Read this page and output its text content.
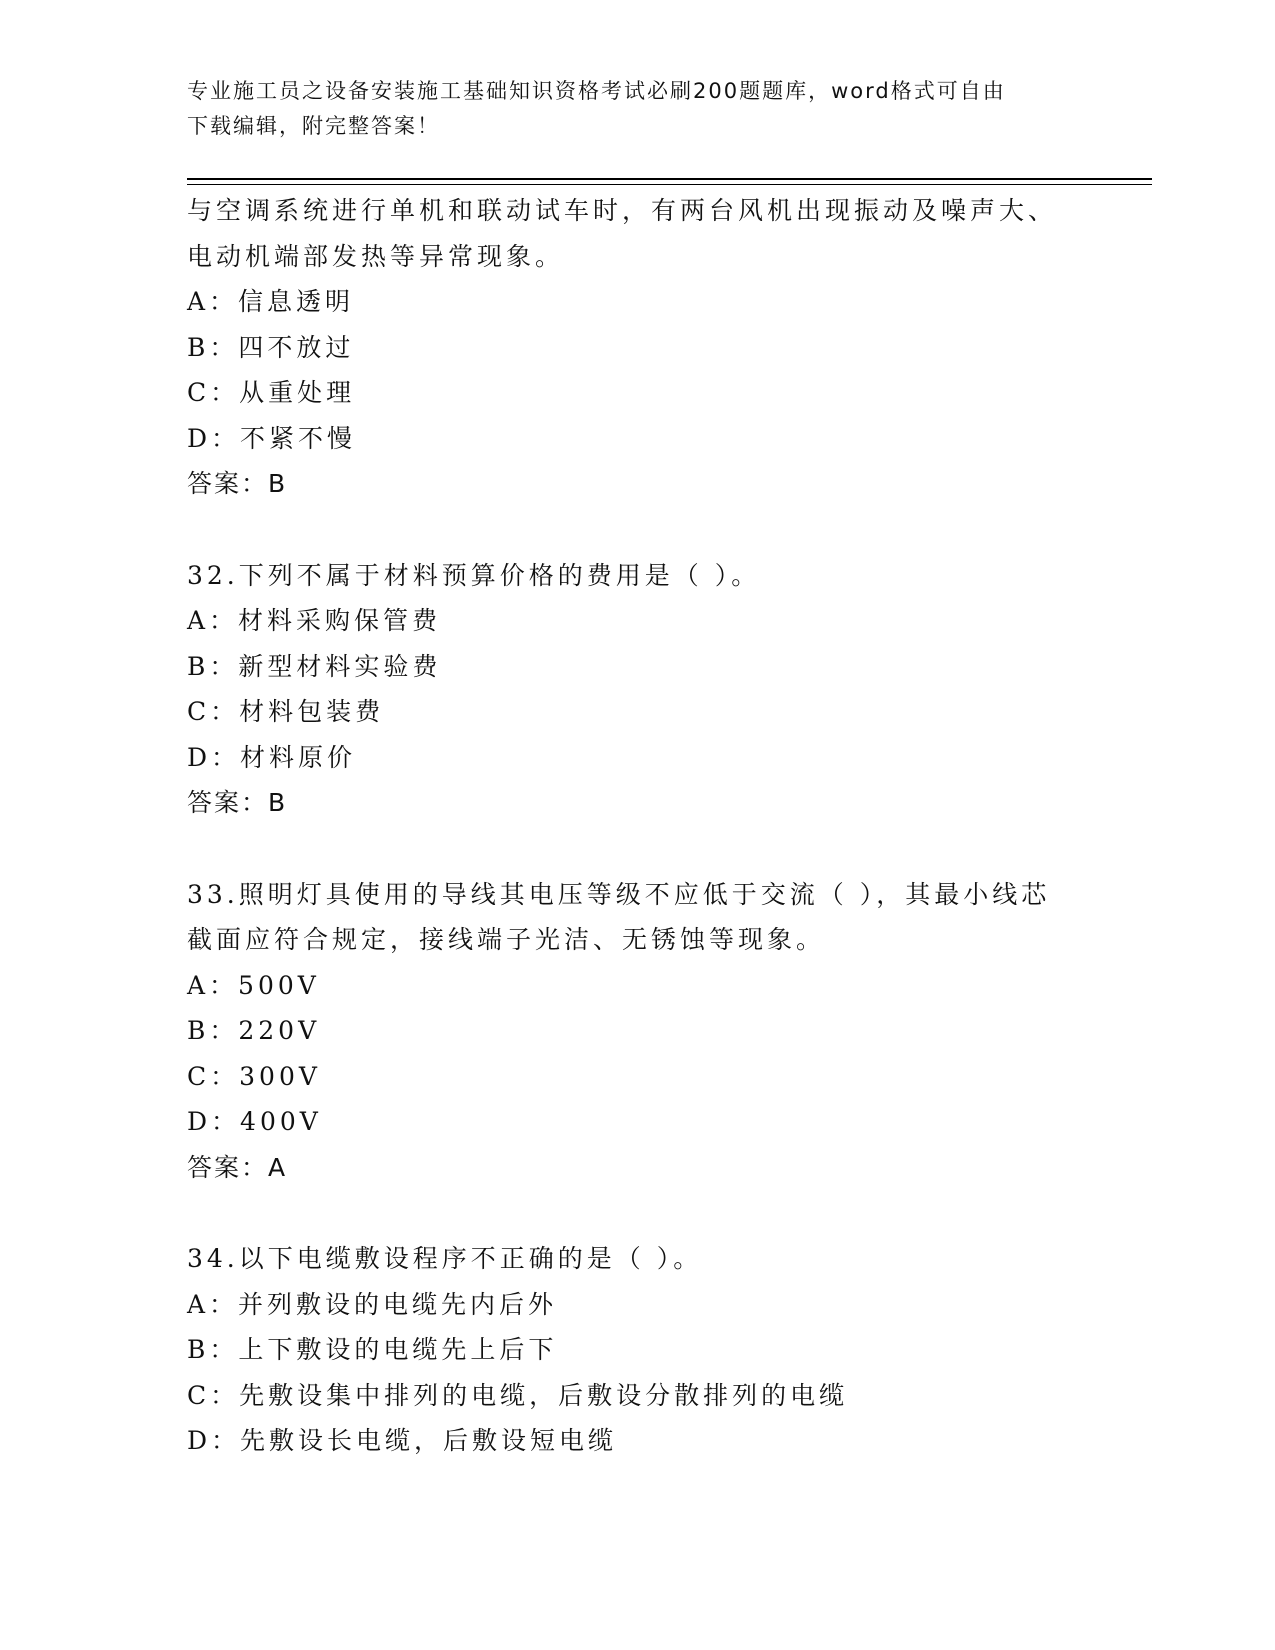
专业施工员之设备安装施工基础知识资格考试必刷200题题库，word格式可自由
下载编辑，附完整答案！
与空调系统进行单机和联动试车时，有两台风机出现振动及噪声大、
电动机端部发热等异常现象。
A：信息透明
B：四不放过
C：从重处理
D：不紧不慢
答案：B
32.下列不属于材料预算价格的费用是（ ）。
A：材料采购保管费
B：新型材料实验费
C：材料包装费
D：材料原价
答案：B
33.照明灯具使用的导线其电压等级不应低于交流（ ），其最小线芯
截面应符合规定，接线端子光洁、无锈蚀等现象。
A：500V
B：220V
C：300V
D：400V
答案：A
34.以下电缆敷设程序不正确的是（ ）。
A：并列敷设的电缆先内后外
B：上下敷设的电缆先上后下
C：先敷设集中排列的电缆，后敷设分散排列的电缆
D：先敷设长电缆，后敷设短电缆
